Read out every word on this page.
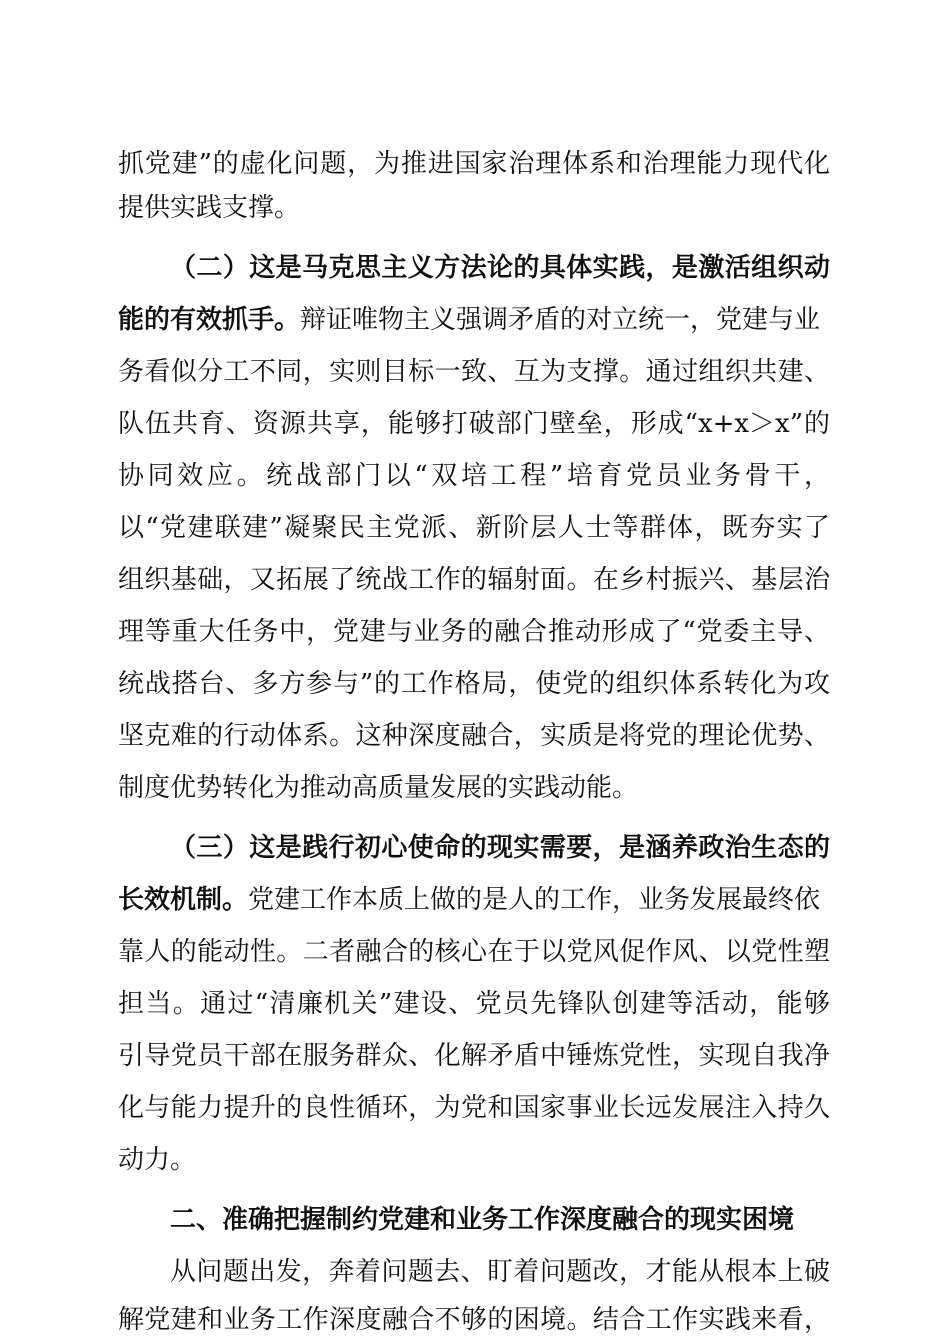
抓党建”的虚化问题，为推进国家治理体系和治理能力现代化
提供实践支撑。
（二）这是马克思主义方法论的具体实践，是激活组织动
能的有效抓手。辩证唯物主义强调矛盾的对立统一，党建与业
务看似分工不同，实则目标一致、互为支撑。通过组织共建、
队伍共育、资源共享，能够打破部门壁垒，形成“x+x＞x”的
协同效应。统战部门以“双培工程”培育党员业务骨干，
以“党建联建”凝聚民主党派、新阶层人士等群体，既夯实了
组织基础，又拓展了统战工作的辐射面。在乡村振兴、基层治
理等重大任务中，党建与业务的融合推动形成了“党委主导、
统战搭台、多方参与”的工作格局，使党的组织体系转化为攻
坚克难的行动体系。这种深度融合，实质是将党的理论优势、
制度优势转化为推动高质量发展的实践动能。
（三）这是践行初心使命的现实需要，是涵养政治生态的
长效机制。党建工作本质上做的是人的工作，业务发展最终依
靠人的能动性。二者融合的核心在于以党风促作风、以党性塑
担当。通过“清廉机关”建设、党员先锋队创建等活动，能够
引导党员干部在服务群众、化解矛盾中锤炼党性，实现自我净
化与能力提升的良性循环，为党和国家事业长远发展注入持久
动力。
二、准确把握制约党建和业务工作深度融合的现实困境
从问题出发，奔着问题去、盯着问题改，才能从根本上破
解党建和业务工作深度融合不够的困境。结合工作实践来看，
